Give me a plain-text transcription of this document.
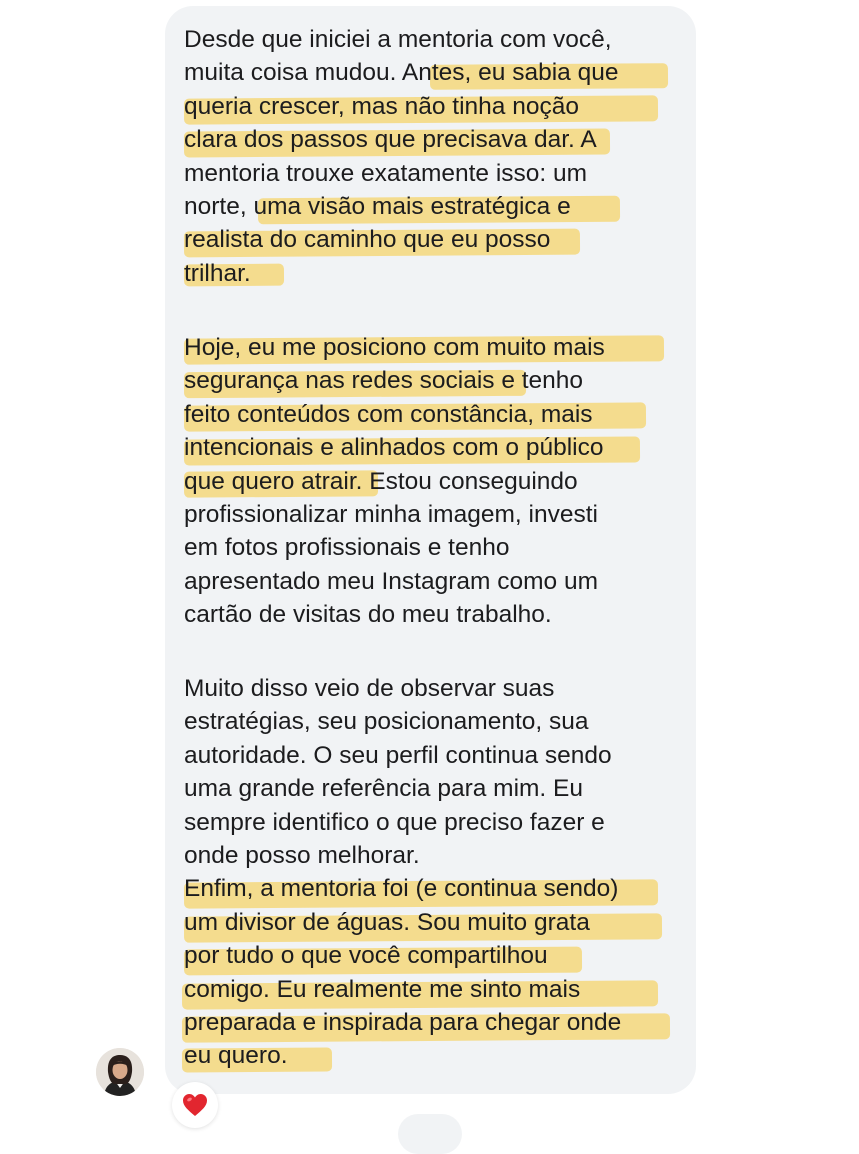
Desde que iniciei a mentoria com você,
muita coisa mudou. Antes, eu sabia que
queria crescer, mas não tinha noção
clara dos passos que precisava dar. A
mentoria trouxe exatamente isso: um
norte, uma visão mais estratégica e
realista do caminho que eu posso
trilhar.

Hoje, eu me posiciono com muito mais
segurança nas redes sociais e tenho
feito conteúdos com constância, mais
intencionais e alinhados com o público
que quero atrair. Estou conseguindo
profissionalizar minha imagem, investi
em fotos profissionais e tenho
apresentado meu Instagram como um
cartão de visitas do meu trabalho.

Muito disso veio de observar suas
estratégias, seu posicionamento, sua
autoridade. O seu perfil continua sendo
uma grande referência para mim. Eu
sempre identifico o que preciso fazer e
onde posso melhorar.
Enfim, a mentoria foi (e continua sendo)
um divisor de águas. Sou muito grata
por tudo o que você compartilhou
comigo. Eu realmente me sinto mais
preparada e inspirada para chegar onde
eu quero.
